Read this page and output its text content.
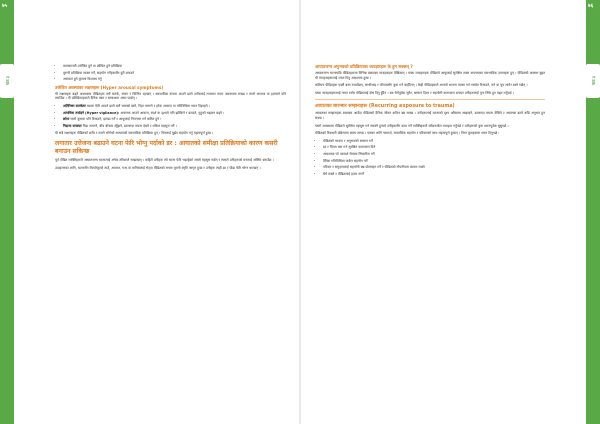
७५
पाठ ३
• कामकाजमै उत्तेजित हुने वा क्रोधित हुने प्रतिक्रिया
• तुरुन्तै प्रतिक्रिया व्यक्त गर्ने, सहयोग गर्नेहरूसँग दुरी बनाउने
• असफल हुने कुरामा विश्वास गर्नु
उत्तेजित अवस्थाका लक्षणहरू (Hyper arousal symptoms)

यी लक्षणहरू बढ्ने अवस्थामा पीडितहरू सधैं सतर्क, सजग र चिन्तित रहन्छन् । स्वाभाविक रूपमा आउने डरले शरीरलाई लगातार तयार अवस्थामा राख्छ र सानो आवाज वा हल्लाले पनि तर्साउँछ । यी प्रतिक्रियाहरूले दैनिक काम र सम्बन्धमा असर पार्छन् ।

• अतिरिक्त सतर्कताः खतरा फेरि आउने डरले सधैं चनाखो बस्ने, निद्रा नलाग्ने र हरेक आवाज वा गतिविधिमा ध्यान दिइरहने ।
• अत्यधिक तर्साइने (Hyper vigilance): अचानक आउने आवाज, स्पर्श वा दृश्यले पनि झस्किने र डराउने, मुटुको धड्कन बढ्ने ।
• क्रोधः सानो कुरामा पनि रिसाउने, झगडा गर्ने र आफूलाई नियन्त्रण गर्न कठिन हुने ।
• निद्रामा समस्याः निद्रा नलाग्ने, बीच बीचमा ब्युँझने, डरलाग्दा सपना देख्ने र थकित महसुस गर्ने ।

यी सबै लक्षणहरू पीडितको शरीर र मनले भोगेको आघातको स्वाभाविक प्रतिक्रिया हुन् । यिनलाई बुझेर सहयोग गर्नु महत्वपूर्ण हुन्छ ।

लगातार उत्तेजना बढाउने घटना फेरि भोग्नु पर्दाको डर : आघातको समीक्षा प्रतिक्रियाको कारण कसरी बनाउन सकिन्छ

पूर्व पीडित व्यक्तिहरूले आघातजन्य घटनालाई अनेक तरिकाले सम्झन्छन् । कहिले उनीहरू त्यो घटना फेरि भइरहेको जस्तो महसुस गर्छन् र त्यसले उनीहरूको मनलाई अस्थिर बनाउँछ ।

उदाहरणका लागि, घटनासँग मिल्दोजुल्दो ठाउँ, आवाज, गन्ध वा मानिसलाई भेट्दा पीडितको मनमा पुरानो स्मृति जागृत हुन्छ र उनीहरू त्यही डर र पीडा फेरि भोग्न थाल्छन् ।

आघातजन्य अनुभवको प्रतिक्रियाका व्यवहारहरू के हुन सक्छन् ?

आघातजन्य घटनापछि पीडितहरूमा विभिन्न प्रकारका व्यवहारहरू देखिन्छन् । यस्ता व्यवहारहरू पीडितले आफूलाई सुरक्षित राख्न अपनाएका स्वाभाविक उपायहरू हुन् । पीडितको अवस्था बुझ्न यी व्यवहारहरूलाई ध्यान दिनु आवश्यक हुन्छ ।

कतिपय पीडितहरू एक्लै बस्न रुचाउँछन्, साथीभाइ र परिवारसँग कुरा गर्न चाहँदैनन् । केही पीडितहरूले आफ्नो भावना व्यक्त गर्न नसकेर रिसाउने, रुने वा चुप लागेर बस्ने गर्छन् ।

यस्ता व्यवहारहरूलाई गलत ठानेर पीडितलाई दोष दिनु हुँदैन । बरु धैर्यपूर्वक सुनेर, सम्मान दिएर र सहयोगी वातावरण बनाएर उनीहरूलाई पुनः स्थिर हुन मद्दत गर्नुपर्छ ।

आघातका बारम्बार सम्झनाहरू (Recurring exposure to trauma)

आघातका सम्झनाहरू बारम्बार आउँदा पीडितको दैनिक जीवन कठिन बन्न सक्छ । उनीहरूलाई घटनाको दृश्य आँखामा आइरहने, डरलाग्दा सपना देखिने र अचानक डरले काँप्ने अनुभव हुन सक्छ ।

यस्तो अवस्थामा पीडितले सुरक्षित महसुस गर्न नसक्ने हुनाले उनीहरूसँग काम गर्ने व्यक्तिहरूले संवेदनशील व्यवहार गर्नुपर्छ र उनीहरूको कुरा ध्यानपूर्वक सुन्नुपर्छ ।

पीडितको रिकभरी प्रक्रियामा समय लाग्छ । यसका लागि परामर्श, सामाजिक सहयोग र परिवारको साथ महत्वपूर्ण हुन्छन् । निम्न कुराहरूमा ध्यान दिनुपर्छ :

• पीडितको भावना र अनुभवको सम्मान गर्ने
• डर र चिन्ता कम गर्न सुरक्षित वातावरण दिने
• आवश्यक परे परामर्श सेवामा सिफारिस गर्ने
• दैनिक गतिविधिमा फर्कन सहयोग गर्ने
• परिवार र समुदायलाई सहयोगी बन्न प्रोत्साहन गर्ने र पीडितको गोपनीयता कायम राख्ने
• धैर्य राख्ने र पीडितलाई हतार नगर्ने
७६
पाठ ३
